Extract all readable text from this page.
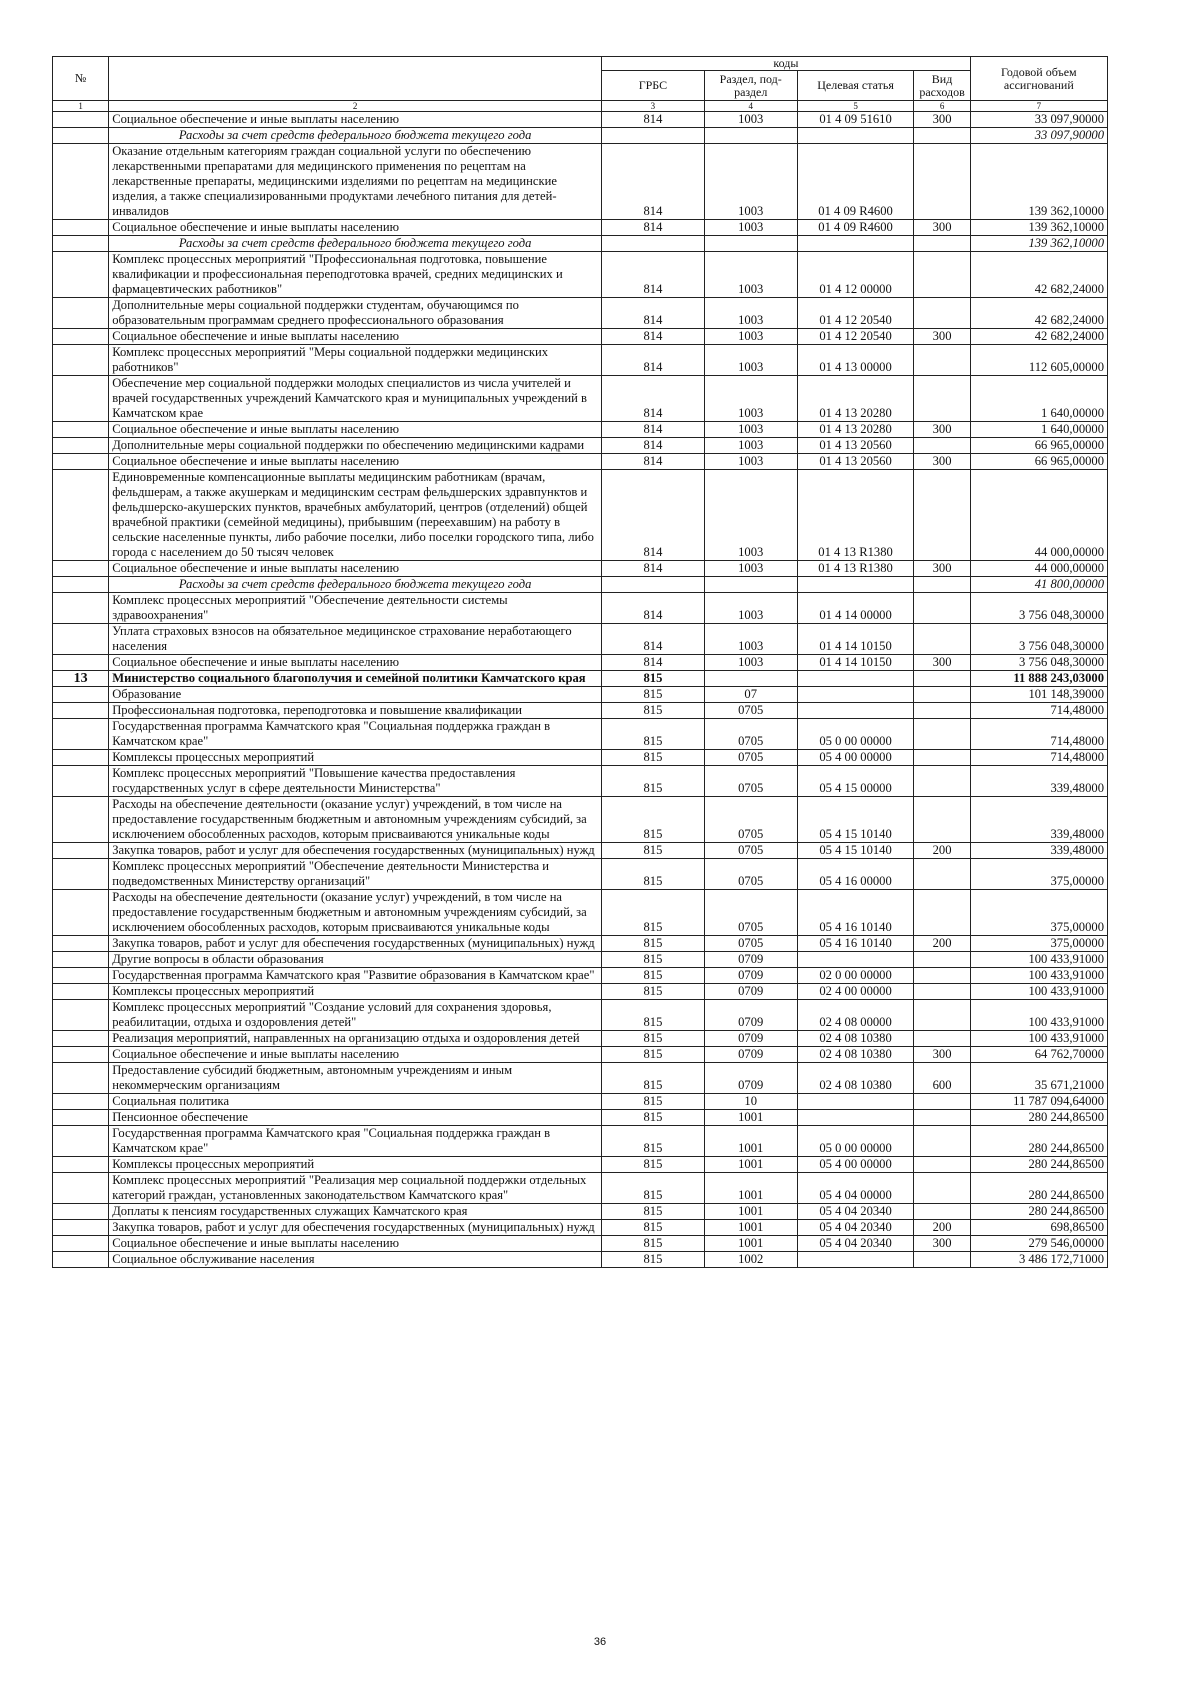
№		коды				Годовой объем ассигнований
		ГРБС	Раздел, под-раздел	Целевая статья	Вид расходов	
1	2	3	4	5	6	7
	Социальное обеспечение и иные выплаты населению	814	1003	01 4 09 51610	300	33 097,90000
	Расходы за счет средств федерального бюджета текущего года					33 097,90000
	Оказание отдельным категориям граждан социальной услуги по обеспечению лекарственными препаратами для медицинского применения по рецептам на лекарственные препараты, медицинскими изделиями по рецептам на медицинские изделия, а также специализированными продуктами лечебного питания для детей-инвалидов	814	1003	01 4 09 R4600		139 362,10000
	Социальное обеспечение и иные выплаты населению	814	1003	01 4 09 R4600	300	139 362,10000
	Расходы за счет средств федерального бюджета текущего года					139 362,10000
	Комплекс процессных мероприятий "Профессиональная подготовка, повышение квалификации и профессиональная переподготовка врачей, средних медицинских и фармацевтических работников"	814	1003	01 4 12 00000		42 682,24000
	Дополнительные меры социальной поддержки студентам, обучающимся по образовательным программам среднего профессионального образования	814	1003	01 4 12 20540		42 682,24000
	Социальное обеспечение и иные выплаты населению	814	1003	01 4 12 20540	300	42 682,24000
	Комплекс процессных мероприятий "Меры социальной поддержки медицинских работников"	814	1003	01 4 13 00000		112 605,00000
	Обеспечение мер социальной поддержки молодых специалистов из числа учителей и врачей государственных учреждений Камчатского края и муниципальных учреждений в Камчатском крае	814	1003	01 4 13 20280		1 640,00000
	Социальное обеспечение и иные выплаты населению	814	1003	01 4 13 20280	300	1 640,00000
	Дополнительные меры социальной поддержки по обеспечению медицинскими кадрами	814	1003	01 4 13 20560		66 965,00000
	Социальное обеспечение и иные выплаты населению	814	1003	01 4 13 20560	300	66 965,00000
	Единовременные компенсационные выплаты медицинским работникам (врачам, фельдшерам, а также акушеркам и медицинским сестрам фельдшерских здравпунктов и фельдшерско-акушерских пунктов, врачебных амбулаторий, центров (отделений) общей врачебной практики (семейной медицины), прибывшим (переехавшим) на работу в сельские населенные пункты, либо рабочие поселки, либо поселки городского типа, либо города с населением до 50 тысяч человек	814	1003	01 4 13 R1380		44 000,00000
	Социальное обеспечение и иные выплаты населению	814	1003	01 4 13 R1380	300	44 000,00000
	Расходы за счет средств федерального бюджета текущего года					41 800,00000
	Комплекс процессных мероприятий "Обеспечение деятельности системы здравоохранения"	814	1003	01 4 14 00000		3 756 048,30000
	Уплата страховых взносов на обязательное медицинское страхование неработающего населения	814	1003	01 4 14 10150		3 756 048,30000
	Социальное обеспечение и иные выплаты населению	814	1003	01 4 14 10150	300	3 756 048,30000
13	Министерство социального благополучия и семейной политики Камчатского края	815				11 888 243,03000
	Образование	815	07			101 148,39000
	Профессиональная подготовка, переподготовка и повышение квалификации	815	0705			714,48000
	Государственная программа Камчатского края "Социальная поддержка граждан в Камчатском крае"	815	0705	05 0 00 00000		714,48000
	Комплексы процессных мероприятий	815	0705	05 4 00 00000		714,48000
	Комплекс процессных мероприятий "Повышение качества предоставления государственных услуг в сфере деятельности Министерства"	815	0705	05 4 15 00000		339,48000
	Расходы на обеспечение деятельности (оказание услуг) учреждений, в том числе на предоставление государственным бюджетным и автономным учреждениям субсидий, за исключением обособленных расходов, которым присваиваются уникальные коды	815	0705	05 4 15 10140		339,48000
	Закупка товаров, работ и услуг для обеспечения государственных (муниципальных) нужд	815	0705	05 4 15 10140	200	339,48000
	Комплекс процессных мероприятий "Обеспечение деятельности Министерства и подведомственных Министерству организаций"	815	0705	05 4 16 00000		375,00000
	Расходы на обеспечение деятельности (оказание услуг) учреждений, в том числе на предоставление государственным бюджетным и автономным учреждениям субсидий, за исключением обособленных расходов, которым присваиваются уникальные коды	815	0705	05 4 16 10140		375,00000
	Закупка товаров, работ и услуг для обеспечения государственных (муниципальных) нужд	815	0705	05 4 16 10140	200	375,00000
	Другие вопросы в области образования	815	0709			100 433,91000
	Государственная программа Камчатского края "Развитие образования в Камчатском крае"	815	0709	02 0 00 00000		100 433,91000
	Комплексы процессных мероприятий	815	0709	02 4 00 00000		100 433,91000
	Комплекс процессных мероприятий "Создание условий для сохранения здоровья, реабилитации, отдыха и оздоровления детей"	815	0709	02 4 08 00000		100 433,91000
	Реализация мероприятий, направленных на организацию отдыха и оздоровления детей	815	0709	02 4 08 10380		100 433,91000
	Социальное обеспечение и иные выплаты населению	815	0709	02 4 08 10380	300	64 762,70000
	Предоставление субсидий бюджетным, автономным учреждениям и иным некоммерческим организациям	815	0709	02 4 08 10380	600	35 671,21000
	Социальная политика	815	10			11 787 094,64000
	Пенсионное обеспечение	815	1001			280 244,86500
	Государственная программа Камчатского края "Социальная поддержка граждан в Камчатском крае"	815	1001	05 0 00 00000		280 244,86500
	Комплексы процессных мероприятий	815	1001	05 4 00 00000		280 244,86500
	Комплекс процессных мероприятий "Реализация мер социальной поддержки отдельных категорий граждан, установленных законодательством Камчатского края"	815	1001	05 4 04 00000		280 244,86500
	Доплаты к пенсиям государственных служащих Камчатского края	815	1001	05 4 04 20340		280 244,86500
	Закупка товаров, работ и услуг для обеспечения государственных (муниципальных) нужд	815	1001	05 4 04 20340	200	698,86500
	Социальное обеспечение и иные выплаты населению	815	1001	05 4 04 20340	300	279 546,00000
	Социальное обслуживание населения	815	1002			3 486 172,71000
36
